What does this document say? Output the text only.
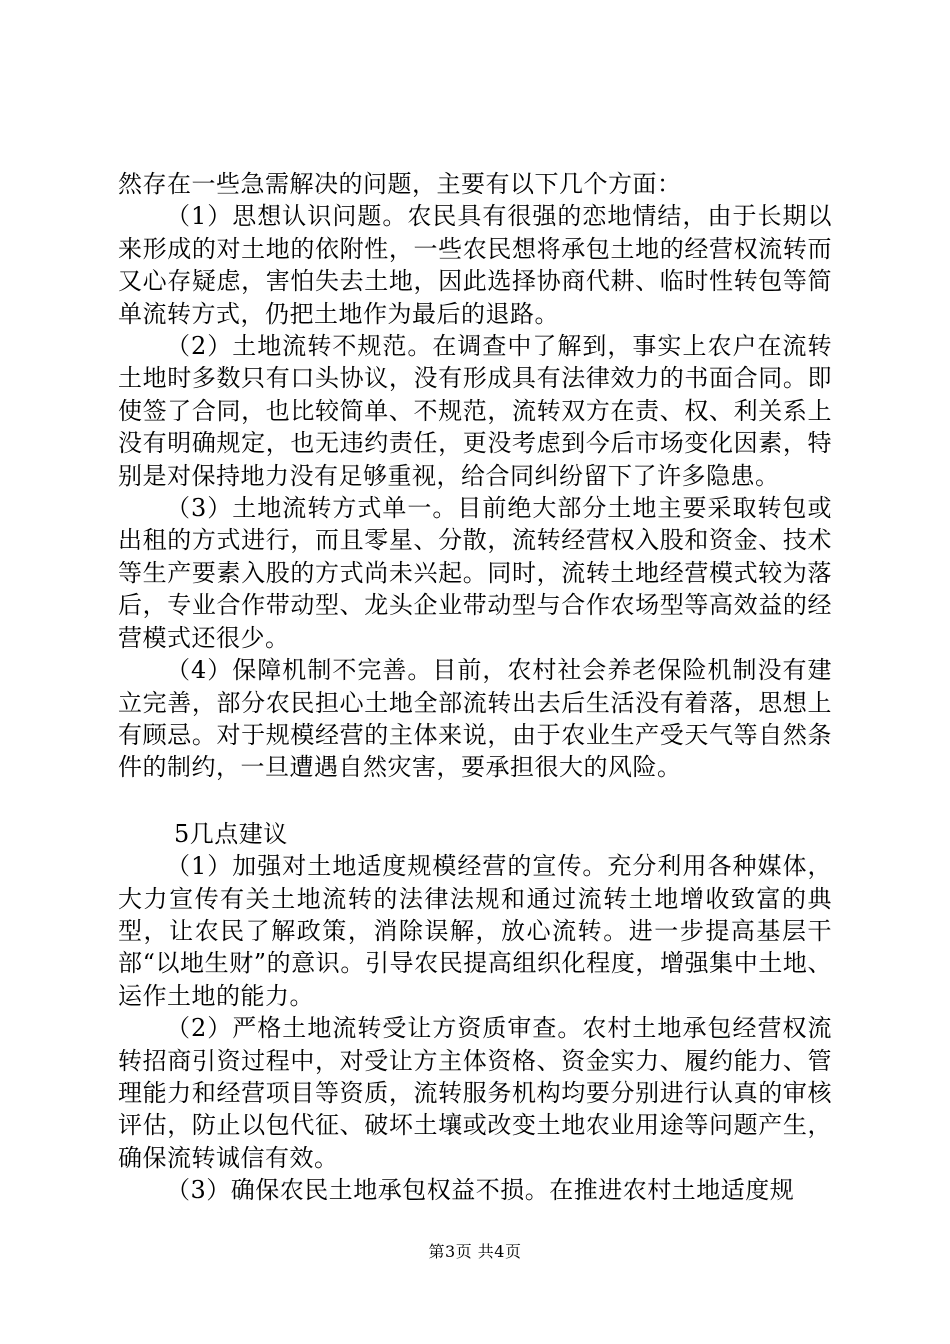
然存在一些急需解决的问题，主要有以下几个方面：

（1）思想认识问题。农民具有很强的恋地情结，由于长期以来形成的对土地的依附性，一些农民想将承包土地的经营权流转而又心存疑虑，害怕失去土地，因此选择协商代耕、临时性转包等简单流转方式，仍把土地作为最后的退路。

（2）土地流转不规范。在调查中了解到，事实上农户在流转土地时多数只有口头协议，没有形成具有法律效力的书面合同。即使签了合同，也比较简单、不规范，流转双方在责、权、利关系上没有明确规定，也无违约责任，更没考虑到今后市场变化因素，特别是对保持地力没有足够重视，给合同纠纷留下了许多隐患。

（3）土地流转方式单一。目前绝大部分土地主要采取转包或出租的方式进行，而且零星、分散，流转经营权入股和资金、技术等生产要素入股的方式尚未兴起。同时，流转土地经营模式较为落后，专业合作带动型、龙头企业带动型与合作农场型等高效益的经营模式还很少。

（4）保障机制不完善。目前，农村社会养老保险机制没有建立完善，部分农民担心土地全部流转出去后生活没有着落，思想上有顾忌。对于规模经营的主体来说，由于农业生产受天气等自然条件的制约，一旦遭遇自然灾害，要承担很大的风险。

5几点建议

（1）加强对土地适度规模经营的宣传。充分利用各种媒体，大力宣传有关土地流转的法律法规和通过流转土地增收致富的典型，让农民了解政策，消除误解，放心流转。进一步提高基层干部“以地生财”的意识。引导农民提高组织化程度，增强集中土地、运作土地的能力。

（2）严格土地流转受让方资质审查。农村土地承包经营权流转招商引资过程中，对受让方主体资格、资金实力、履约能力、管理能力和经营项目等资质，流转服务机构均要分别进行认真的审核评估，防止以包代征、破坏土壤或改变土地农业用途等问题产生，确保流转诚信有效。

（3）确保农民土地承包权益不损。在推进农村土地适度规

第3页 共4页
